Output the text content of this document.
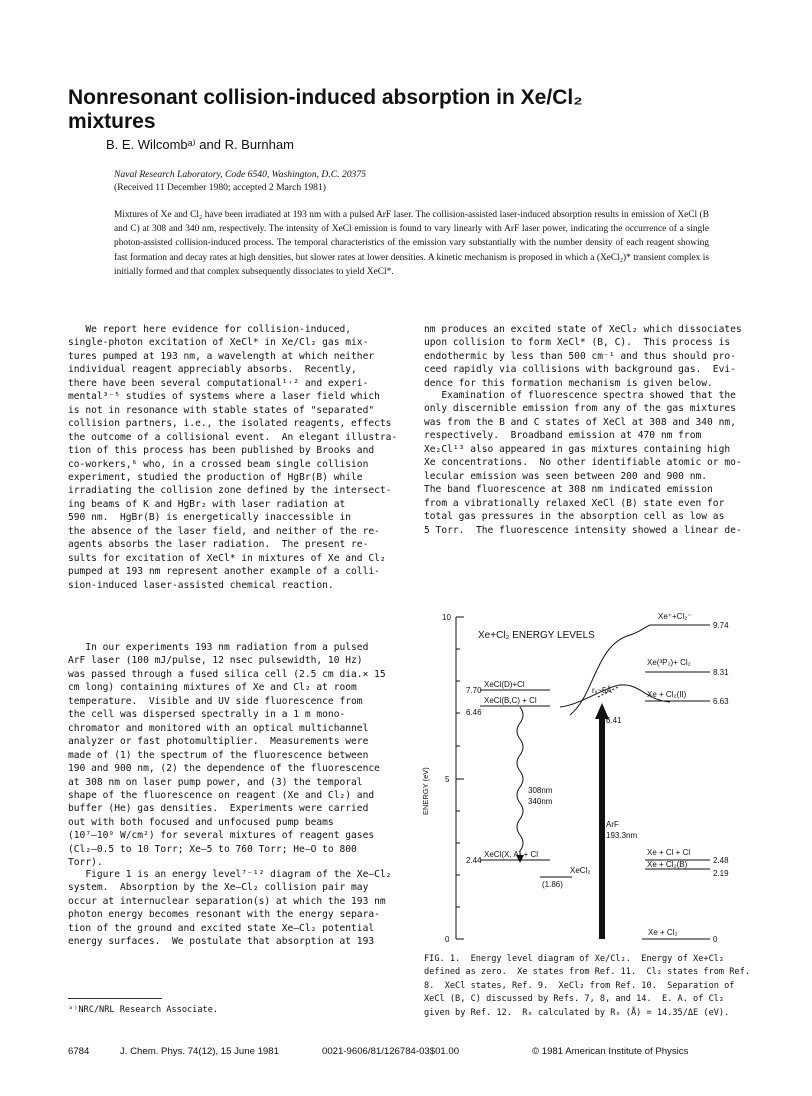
Nonresonant collision-induced absorption in Xe/Cl₂
mixtures
B. E. Wilcombᵃ⁾ and R. Burnham
Naval Research Laboratory, Code 6540, Washington, D.C. 20375
(Received 11 December 1980; accepted 2 March 1981)
Mixtures of Xe and Cl₂ have been irradiated at 193 nm with a pulsed ArF laser. The collision-assisted laser-induced absorption results in emission of XeCl (B and C) at 308 and 340 nm, respectively. The intensity of XeCl emission is found to vary linearly with ArF laser power, indicating the occurrence of a single photon-assisted collision-induced process. The temporal characteristics of the emission vary substantially with the number density of each reagent showing fast formation and decay rates at high densities, but slower rates at lower densities. A kinetic mechanism is proposed in which a (XeCl₂)* transient complex is initially formed and that complex subsequently dissociates to yield XeCl*.

We report here evidence for collision-induced,

single-photon excitation of XeCl* in Xe/Cl₂ gas mix-

tures pumped at 193 nm, a wavelength at which neither

individual reagent appreciably absorbs.  Recently,

there have been several computational¹˒² and experi-

mental³⁻⁵ studies of systems where a laser field which

is not in resonance with stable states of "separated"

collision partners, i.e., the isolated reagents, effects

the outcome of a collisional event.  An elegant illustra-

tion of this process has been published by Brooks and

co-workers,⁶ who, in a crossed beam single collision

experiment, studied the production of HgBr(B) while

irradiating the collision zone defined by the intersect-

ing beams of K and HgBr₂ with laser radiation at

590 nm.  HgBr(B) is energetically inaccessible in

the absence of the laser field, and neither of the re-

agents absorbs the laser radiation.  The present re-

sults for excitation of XeCl* in mixtures of Xe and Cl₂

pumped at 193 nm represent another example of a colli-

sion-induced laser-assisted chemical reaction.

In our experiments 193 nm radiation from a pulsed

ArF laser (100 mJ/pulse, 12 nsec pulsewidth, 10 Hz)

was passed through a fused silica cell (2.5 cm dia.× 15

cm long) containing mixtures of Xe and Cl₂ at room

temperature.  Visible and UV side fluorescence from

the cell was dispersed spectrally in a 1 m mono-

chromator and monitored with an optical multichannel

analyzer or fast photomultiplier.  Measurements were

made of (1) the spectrum of the fluorescence between

190 and 900 nm, (2) the dependence of the fluorescence

at 308 nm on laser pump power, and (3) the temporal

shape of the fluorescence on reagent (Xe and Cl₂) and

buffer (He) gas densities.  Experiments were carried

out with both focused and unfocused pump beams

(10⁷–10⁹ W/cm²) for several mixtures of reagent gases

(Cl₂–0.5 to 10 Torr; Xe–5 to 760 Torr; He–O to 800

Torr).

Figure 1 is an energy level⁷⁻¹² diagram of the Xe–Cl₂

system.  Absorption by the Xe–Cl₂ collision pair may

occur at internuclear separation(s) at which the 193 nm

photon energy becomes resonant with the energy separa-

tion of the ground and excited state Xe–Cl₂ potential

energy surfaces.  We postulate that absorption at 193

nm produces an excited state of XeCl₂ which dissociates

upon collision to form XeCl* (B, C).  This process is

endothermic by less than 500 cm⁻¹ and thus should pro-

ceed rapidly via collisions with background gas.  Evi-

dence for this formation mechanism is given below.

Examination of fluorescence spectra showed that the

only discernible emission from any of the gas mixtures

was from the B and C states of XeCl at 308 and 340 nm,

respectively.  Broadband emission at 470 nm from

Xe₂Cl¹³ also appeared in gas mixtures containing high

Xe concentrations.  No other identifiable atomic or mo-

lecular emission was seen between 200 and 900 nm.

The band fluorescence at 308 nm indicated emission

from a vibrationally relaxed XeCl (B) state even for

total gas pressures in the absorption cell as low as

5 Torr.  The fluorescence intensity showed a linear de-

10
5
0
ENERGY (eV)
Xe+Cl₂ ENERGY LEVELS
Xe⁺+Cl₂⁻
9.74
Xe(³P₂)+ Cl₂
8.31
7.70
XeCl(D)+Cl
XeCl(B,C) + Cl
6.46
rₓ~5Å	Xe + Cl₂(II)
6.63
6.41
308nm
340nm
ArF
193.3nm
2.44
XeCl(X, A) + Cl
XeCl₂
(1.86)
Xe + Cl + Cl
2.48
Xe + Cl₂(B)
2.19
Xe + Cl₂
0

FIG. 1.  Energy level diagram of Xe/Cl₂.  Energy of Xe+Cl₂

defined as zero.  Xe states from Ref. 11.  Cl₂ states from Ref.

8.  XeCl states, Ref. 9.  XeCl₂ from Ref. 10.  Separation of

XeCl (B, C) discussed by Refs. 7, 8, and 14.  E. A. of Cl₂

given by Ref. 12.  Rₓ calculated by Rₓ (Å) = 14.35/ΔE (eV).

ᵃ⁾NRC/NRL Research Associate.
6784	J. Chem. Phys. 74(12), 15 June 1981	0021-9606/81/126784-03$01.00	© 1981 American Institute of Physics
